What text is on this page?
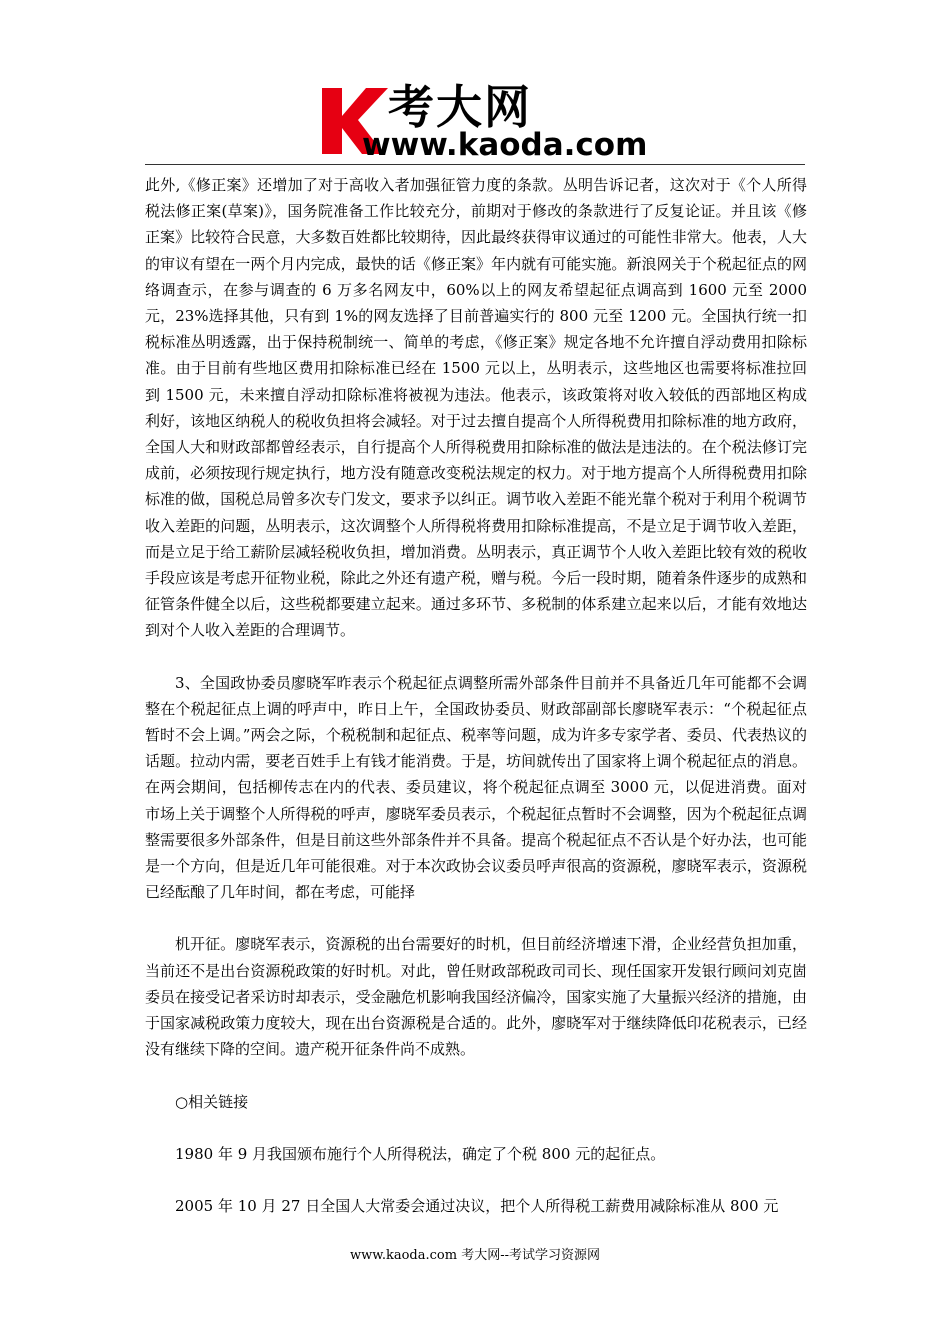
考大网
www.kaoda.com

此外,《修正案》还增加了对于高收入者加强征管力度的条款。丛明告诉记者，这次对于《个人所得税法修正案(草案)》，国务院准备工作比较充分，前期对于修改的条款进行了反复论证。并且该《修正案》比较符合民意，大多数百姓都比较期待，因此最终获得审议通过的可能性非常大。他表，人大的审议有望在一两个月内完成，最快的话《修正案》年内就有可能实施。新浪网关于个税起征点的网络调查示，在参与调查的 6 万多名网友中，60%以上的网友希望起征点调高到 1600 元至 2000 元，23%选择其他，只有到 1%的网友选择了目前普遍实行的 800 元至 1200 元。全国执行统一扣税标准丛明透露，出于保持税制统一、简单的考虑，《修正案》规定各地不允许擅自浮动费用扣除标准。由于目前有些地区费用扣除标准已经在 1500 元以上，丛明表示，这些地区也需要将标准拉回到 1500 元，未来擅自浮动扣除标准将被视为违法。他表示，该政策将对收入较低的西部地区构成利好，该地区纳税人的税收负担将会减轻。对于过去擅自提高个人所得税费用扣除标准的地方政府，全国人大和财政部都曾经表示，自行提高个人所得税费用扣除标准的做法是违法的。在个税法修订完成前，必须按现行规定执行，地方没有随意改变税法规定的权力。对于地方提高个人所得税费用扣除标准的做，国税总局曾多次专门发文，要求予以纠正。调节收入差距不能光靠个税对于利用个税调节收入差距的问题，丛明表示，这次调整个人所得税将费用扣除标准提高，不是立足于调节收入差距，而是立足于给工薪阶层减轻税收负担，增加消费。丛明表示，真正调节个人收入差距比较有效的税收手段应该是考虑开征物业税，除此之外还有遗产税，赠与税。今后一段时期，随着条件逐步的成熟和征管条件健全以后，这些税都要建立起来。通过多环节、多税制的体系建立起来以后，才能有效地达到对个人收入差距的合理调节。

3、全国政协委员廖晓军昨表示个税起征点调整所需外部条件目前并不具备近几年可能都不会调整在个税起征点上调的呼声中，昨日上午，全国政协委员、财政部副部长廖晓军表示：“个税起征点暂时不会上调。”两会之际，个税税制和起征点、税率等问题，成为许多专家学者、委员、代表热议的话题。拉动内需，要老百姓手上有钱才能消费。于是，坊间就传出了国家将上调个税起征点的消息。在两会期间，包括柳传志在内的代表、委员建议，将个税起征点调至 3000 元，以促进消费。面对市场上关于调整个人所得税的呼声，廖晓军委员表示，个税起征点暂时不会调整，因为个税起征点调整需要很多外部条件，但是目前这些外部条件并不具备。提高个税起征点不否认是个好办法，也可能是一个方向，但是近几年可能很难。对于本次政协会议委员呼声很高的资源税，廖晓军表示，资源税已经酝酿了几年时间，都在考虑，可能择

机开征。廖晓军表示，资源税的出台需要好的时机，但目前经济增速下滑，企业经营负担加重，当前还不是出台资源税政策的好时机。对此，曾任财政部税政司司长、现任国家开发银行顾问刘克崮委员在接受记者采访时却表示，受金融危机影响我国经济偏冷，国家实施了大量振兴经济的措施，由于国家减税政策力度较大，现在出台资源税是合适的。此外，廖晓军对于继续降低印花税表示，已经没有继续下降的空间。遗产税开征条件尚不成熟。

○相关链接

1980 年 9 月我国颁布施行个人所得税法，确定了个税 800 元的起征点。

2005 年 10 月 27 日全国人大常委会通过决议，把个人所得税工薪费用减除标准从 800 元

www.kaoda.com 考大网--考试学习资源网
